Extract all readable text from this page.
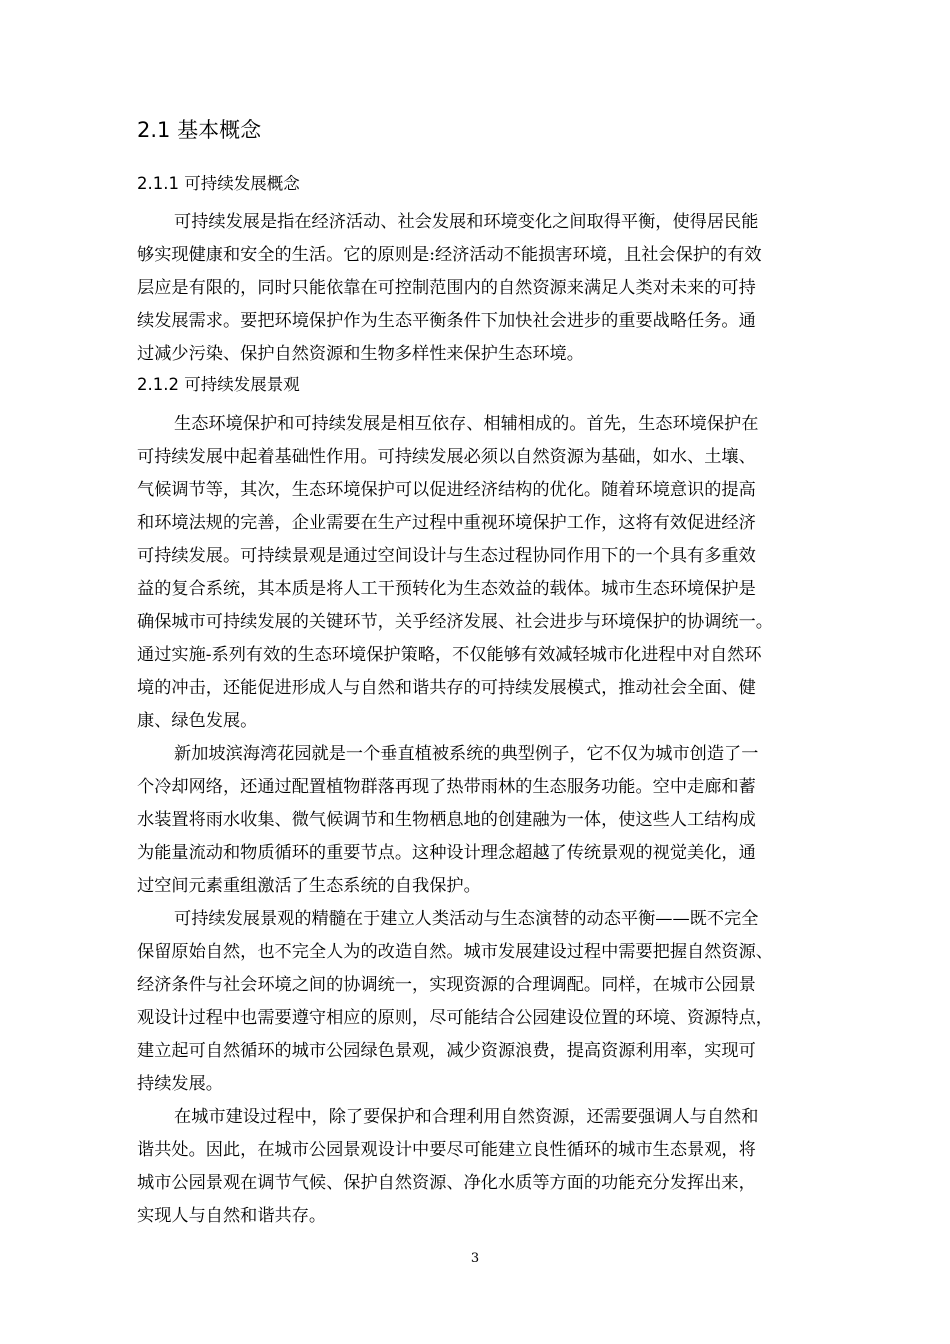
2.1 基本概念
2.1.1 可持续发展概念
可持续发展是指在经济活动、社会发展和环境变化之间取得平衡，使得居民能
够实现健康和安全的生活。它的原则是:经济活动不能损害环境，且社会保护的有效
层应是有限的，同时只能依靠在可控制范围内的自然资源来满足人类对未来的可持
续发展需求。要把环境保护作为生态平衡条件下加快社会进步的重要战略任务。通
过减少污染、保护自然资源和生物多样性来保护生态环境。
2.1.2 可持续发展景观
生态环境保护和可持续发展是相互依存、相辅相成的。首先，生态环境保护在
可持续发展中起着基础性作用。可持续发展必须以自然资源为基础，如水、土壤、
气候调节等，其次，生态环境保护可以促进经济结构的优化。随着环境意识的提高
和环境法规的完善，企业需要在生产过程中重视环境保护工作，这将有效促进经济
可持续发展。可持续景观是通过空间设计与生态过程协同作用下的一个具有多重效
益的复合系统，其本质是将人工干预转化为生态效益的载体。城市生态环境保护是
确保城市可持续发展的关键环节，关乎经济发展、社会进步与环境保护的协调统一。
通过实施-系列有效的生态环境保护策略，不仅能够有效减轻城市化进程中对自然环
境的冲击，还能促进形成人与自然和谐共存的可持续发展模式，推动社会全面、健
康、绿色发展。
新加坡滨海湾花园就是一个垂直植被系统的典型例子，它不仅为城市创造了一
个冷却网络，还通过配置植物群落再现了热带雨林的生态服务功能。空中走廊和蓄
水装置将雨水收集、微气候调节和生物栖息地的创建融为一体，使这些人工结构成
为能量流动和物质循环的重要节点。这种设计理念超越了传统景观的视觉美化，通
过空间元素重组激活了生态系统的自我保护。
可持续发展景观的精髓在于建立人类活动与生态演替的动态平衡——既不完全
保留原始自然，也不完全人为的改造自然。城市发展建设过程中需要把握自然资源、
经济条件与社会环境之间的协调统一，实现资源的合理调配。同样，在城市公园景
观设计过程中也需要遵守相应的原则，尽可能结合公园建设位置的环境、资源特点，
建立起可自然循环的城市公园绿色景观，减少资源浪费，提高资源利用率，实现可
持续发展。
在城市建设过程中，除了要保护和合理利用自然资源，还需要强调人与自然和
谐共处。因此，在城市公园景观设计中要尽可能建立良性循环的城市生态景观，将
城市公园景观在调节气候、保护自然资源、净化水质等方面的功能充分发挥出来，
实现人与自然和谐共存。
3
